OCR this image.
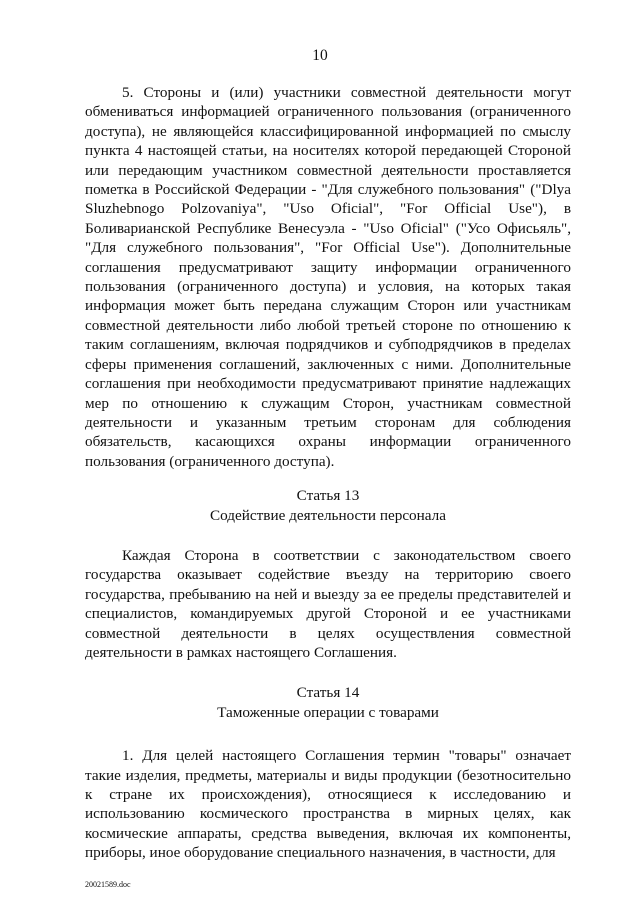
10

5. Стороны и (или) участники совместной деятельности могут обмениваться информацией ограниченного пользования (ограниченного доступа), не являющейся классифицированной информацией по смыслу пункта 4 настоящей статьи, на носителях которой передающей Стороной или передающим участником совместной деятельности проставляется пометка в Российской Федерации - "Для служебного пользования" ("Dlya Sluzhebnogo Polzovaniya", "Uso Oficial", "For Official Use"), в Боливарианской Республике Венесуэла - "Uso Oficial" ("Усо Офисьяль", "Для служебного пользования", "For Official Use"). Дополнительные соглашения предусматривают защиту информации ограниченного пользования (ограниченного доступа) и условия, на которых такая информация может быть передана служащим Сторон или участникам совместной деятельности либо любой третьей стороне по отношению к таким соглашениям, включая подрядчиков и субподрядчиков в пределах сферы применения соглашений, заключенных с ними. Дополнительные соглашения при необходимости предусматривают принятие надлежащих мер по отношению к служащим Сторон, участникам совместной деятельности и указанным третьим сторонам для соблюдения обязательств, касающихся охраны информации ограниченного пользования (ограниченного доступа).

Статья 13

Содействие деятельности персонала

Каждая Сторона в соответствии с законодательством своего государства оказывает содействие въезду на территорию своего государства, пребыванию на ней и выезду за ее пределы представителей и специалистов, командируемых другой Стороной и ее участниками совместной деятельности в целях осуществления совместной деятельности в рамках настоящего Соглашения.

Статья 14

Таможенные операции с товарами

1. Для целей настоящего Соглашения термин "товары" означает такие изделия, предметы, материалы и виды продукции (безотносительно к стране их происхождения), относящиеся к исследованию и использованию космического пространства в мирных целях, как космические аппараты, средства выведения, включая их компоненты, приборы, иное оборудование специального назначения, в частности, для

20021589.doc
